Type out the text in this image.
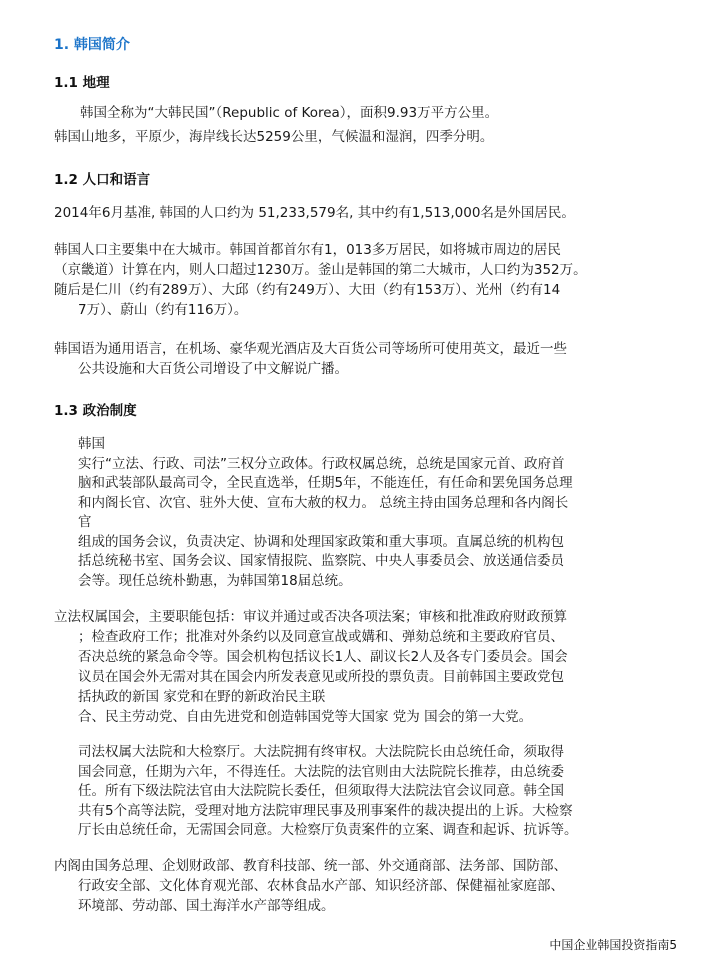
1. 韩国简介
1.1 地理
韩国全称为“大韩民国”（Republic of Korea），面积9.93万平方公里。
韩国山地多，平原少，海岸线长达5259公里，气候温和湿润，四季分明。
1.2 人口和语言
2014年6月基准, 韩国的人口约为 51,233,579名, 其中约有1,513,000名是外国居民。
韩国人口主要集中在大城市。韩国首都首尔有1，013多万居民，如将城市周边的居民
（京畿道）计算在内，则人口超过1230万。釜山是韩国的第二大城市，人口约为352万。
随后是仁川（约有289万）、大邱（约有249万）、大田（约有153万）、光州（约有14
7万）、蔚山（约有116万）。
韩国语为通用语言，在机场、豪华观光酒店及大百货公司等场所可使用英文，最近一些
公共设施和大百货公司增设了中文解说广播。
1.3 政治制度
韩国
实行“立法、行政、司法”三权分立政体。行政权属总统，总统是国家元首、政府首
脑和武装部队最高司令，全民直选举，任期5年，不能连任，有任命和罢免国务总理
和内阁长官、次官、驻外大使、宣布大赦的权力。 总统主持由国务总理和各内阁长
官
组成的国务会议，负责决定、协调和处理国家政策和重大事项。直属总统的机构包
括总统秘书室、国务会议、国家情报院、监察院、中央人事委员会、放送通信委员
会等。现任总统朴勤惠，为韩国第18届总统。
立法权属国会，主要职能包括：审议并通过或否决各项法案；审核和批准政府财政预算
；检查政府工作；批准对外条约以及同意宣战或媾和、弹劾总统和主要政府官员、
否决总统的紧急命令等。国会机构包括议长1人、副议长2人及各专门委员会。国会
议员在国会外无需对其在国会内所发表意见或所投的票负责。目前韩国主要政党包
括执政的新国 家党和在野的新政治民主联
合、民主劳动党、自由先进党和创造韩国党等大国家 党为 国会的第一大党。
司法权属大法院和大检察厅。大法院拥有终审权。大法院院长由总统任命，须取得
国会同意，任期为六年，不得连任。大法院的法官则由大法院院长推荐，由总统委
任。所有下级法院法官由大法院院长委任，但须取得大法院法官会议同意。韩全国
共有5个高等法院，受理对地方法院审理民事及刑事案件的裁决提出的上诉。大检察
厅长由总统任命，无需国会同意。大检察厅负责案件的立案、调查和起诉、抗诉等。
内阁由国务总理、企划财政部、教育科技部、统一部、外交通商部、法务部、国防部、
行政安全部、文化体育观光部、农林食品水产部、知识经济部、保健福祉家庭部、
环境部、劳动部、国土海洋水产部等组成。
中国企业韩国投资指南5
